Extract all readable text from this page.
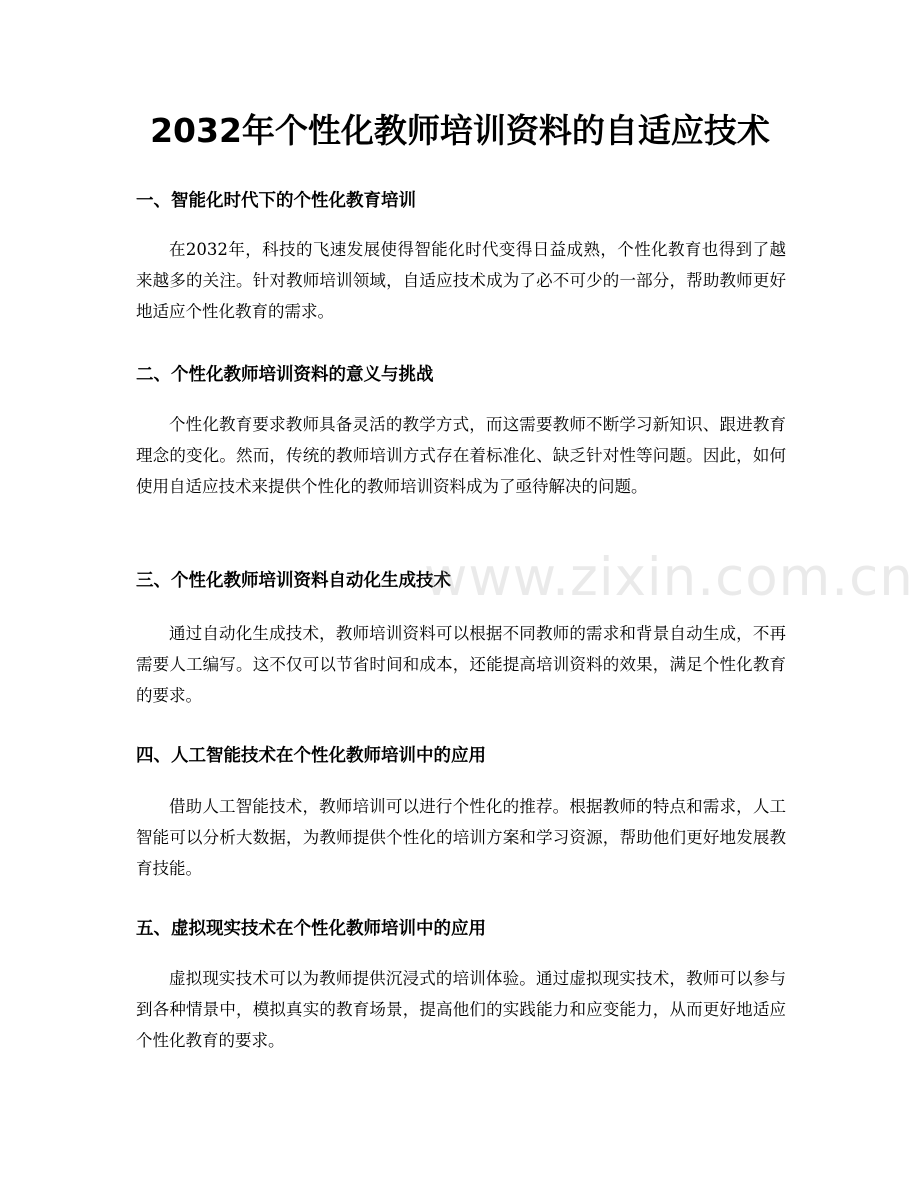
2032年个性化教师培训资料的自适应技术
一、智能化时代下的个性化教育培训

在2032年，科技的飞速发展使得智能化时代变得日益成熟，个性化教育也得到了越来越多的关注。针对教师培训领域，自适应技术成为了必不可少的一部分，帮助教师更好地适应个性化教育的需求。

二、个性化教师培训资料的意义与挑战

个性化教育要求教师具备灵活的教学方式，而这需要教师不断学习新知识、跟进教育理念的变化。然而，传统的教师培训方式存在着标准化、缺乏针对性等问题。因此，如何使用自适应技术来提供个性化的教师培训资料成为了亟待解决的问题。

三、个性化教师培训资料自动化生成技术

通过自动化生成技术，教师培训资料可以根据不同教师的需求和背景自动生成，不再需要人工编写。这不仅可以节省时间和成本，还能提高培训资料的效果，满足个性化教育的要求。

四、人工智能技术在个性化教师培训中的应用

借助人工智能技术，教师培训可以进行个性化的推荐。根据教师的特点和需求，人工智能可以分析大数据，为教师提供个性化的培训方案和学习资源，帮助他们更好地发展教育技能。

五、虚拟现实技术在个性化教师培训中的应用

虚拟现实技术可以为教师提供沉浸式的培训体验。通过虚拟现实技术，教师可以参与到各种情景中，模拟真实的教育场景，提高他们的实践能力和应变能力，从而更好地适应个性化教育的要求。

www.zixin.com.cn
